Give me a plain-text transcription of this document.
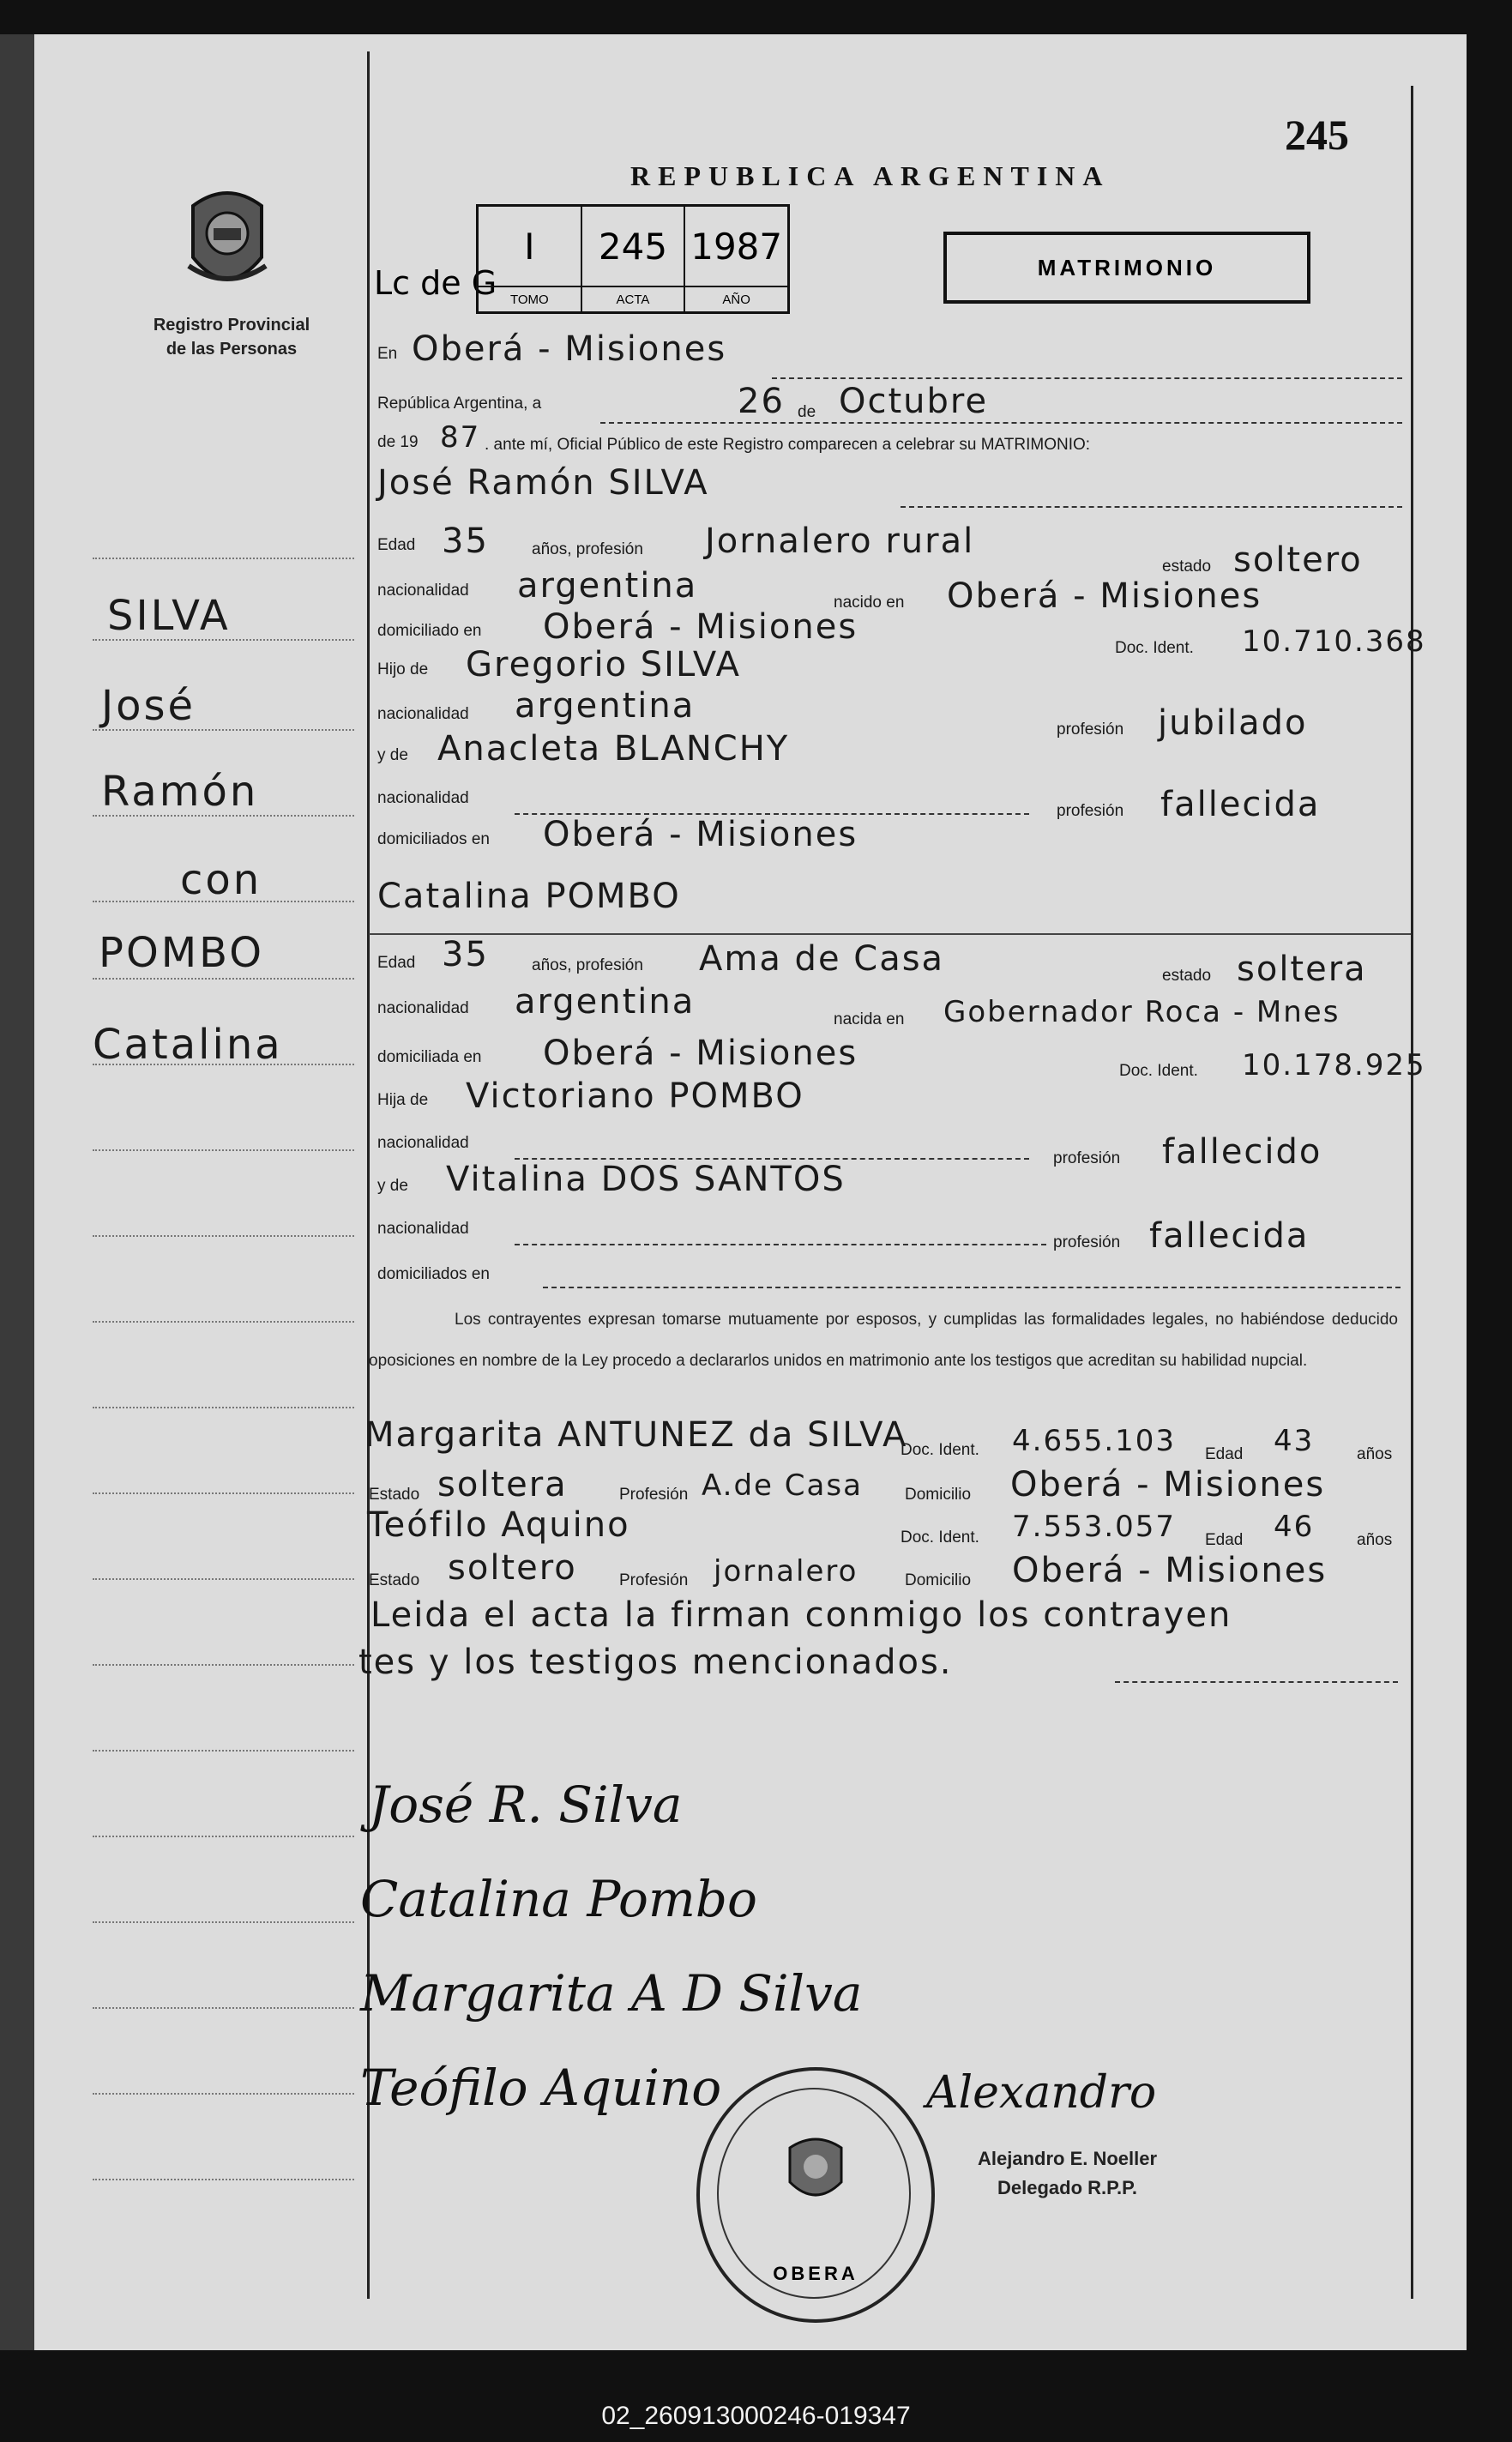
245
REPUBLICA ARGENTINA
MATRIMONIO
Registro Provincial
de las Personas
Lc de G
I
TOMO
245
ACTA
1987
AÑO
SILVA
José
Ramón
con
POMBO
Catalina
En Oberá - Misiones
República Argentina, a	26 de Octubre
de 19 87 . ante mí, Oficial Público de este Registro comparecen a celebrar su MATRIMONIO:
José Ramón SILVA
Edad 35	años, profesión Jornalero rural
estado soltero
nacionalidad argentina	nacido en Oberá - Misiones
domiciliado en Oberá - Misiones
Doc. Ident. 10.710.368
Hijo de Gregorio SILVA
nacionalidad argentina
profesión jubilado
y de Anacleta BLANCHY
nacionalidad
profesión fallecida
domiciliados en Oberá - Misiones
Catalina POMBO
Edad 35	años, profesión Ama de Casa	estado soltera
nacionalidad argentina	nacida en Gobernador Roca - Mnes
domiciliada en Oberá - Misiones	Doc. Ident. 10.178.925
Hija de Victoriano POMBO
nacionalidad
profesión fallecido
y de Vitalina DOS SANTOS
nacionalidad
profesión fallecida
domiciliados en
Los contrayentes expresan tomarse mutuamente por esposos, y cumplidas las formalidades legales, no habiéndose deducido oposiciones en nombre de la Ley procedo a declararlos unidos en matrimonio ante los testigos que acreditan su habilidad nupcial.
Margarita ANTUNEZ da SILVA
Doc. Ident. 4.655.103 Edad 43	años
Estado soltera	Profesión A.de Casa	Domicilio Oberá - Misiones
Teófilo Aquino	Doc. Ident. 7.553.057 Edad 46	años
Estado soltero	Profesión jornalero	Domicilio Oberá - Misiones
Leida el acta la firman conmigo los contrayen
tes y los testigos mencionados.
José R. Silva
Catalina Pombo
Margarita A D Silva
Teófilo Aquino
OBERA
Alexandro
Alejandro E. Noeller
Delegado R.P.P.
02_260913000246-019347
